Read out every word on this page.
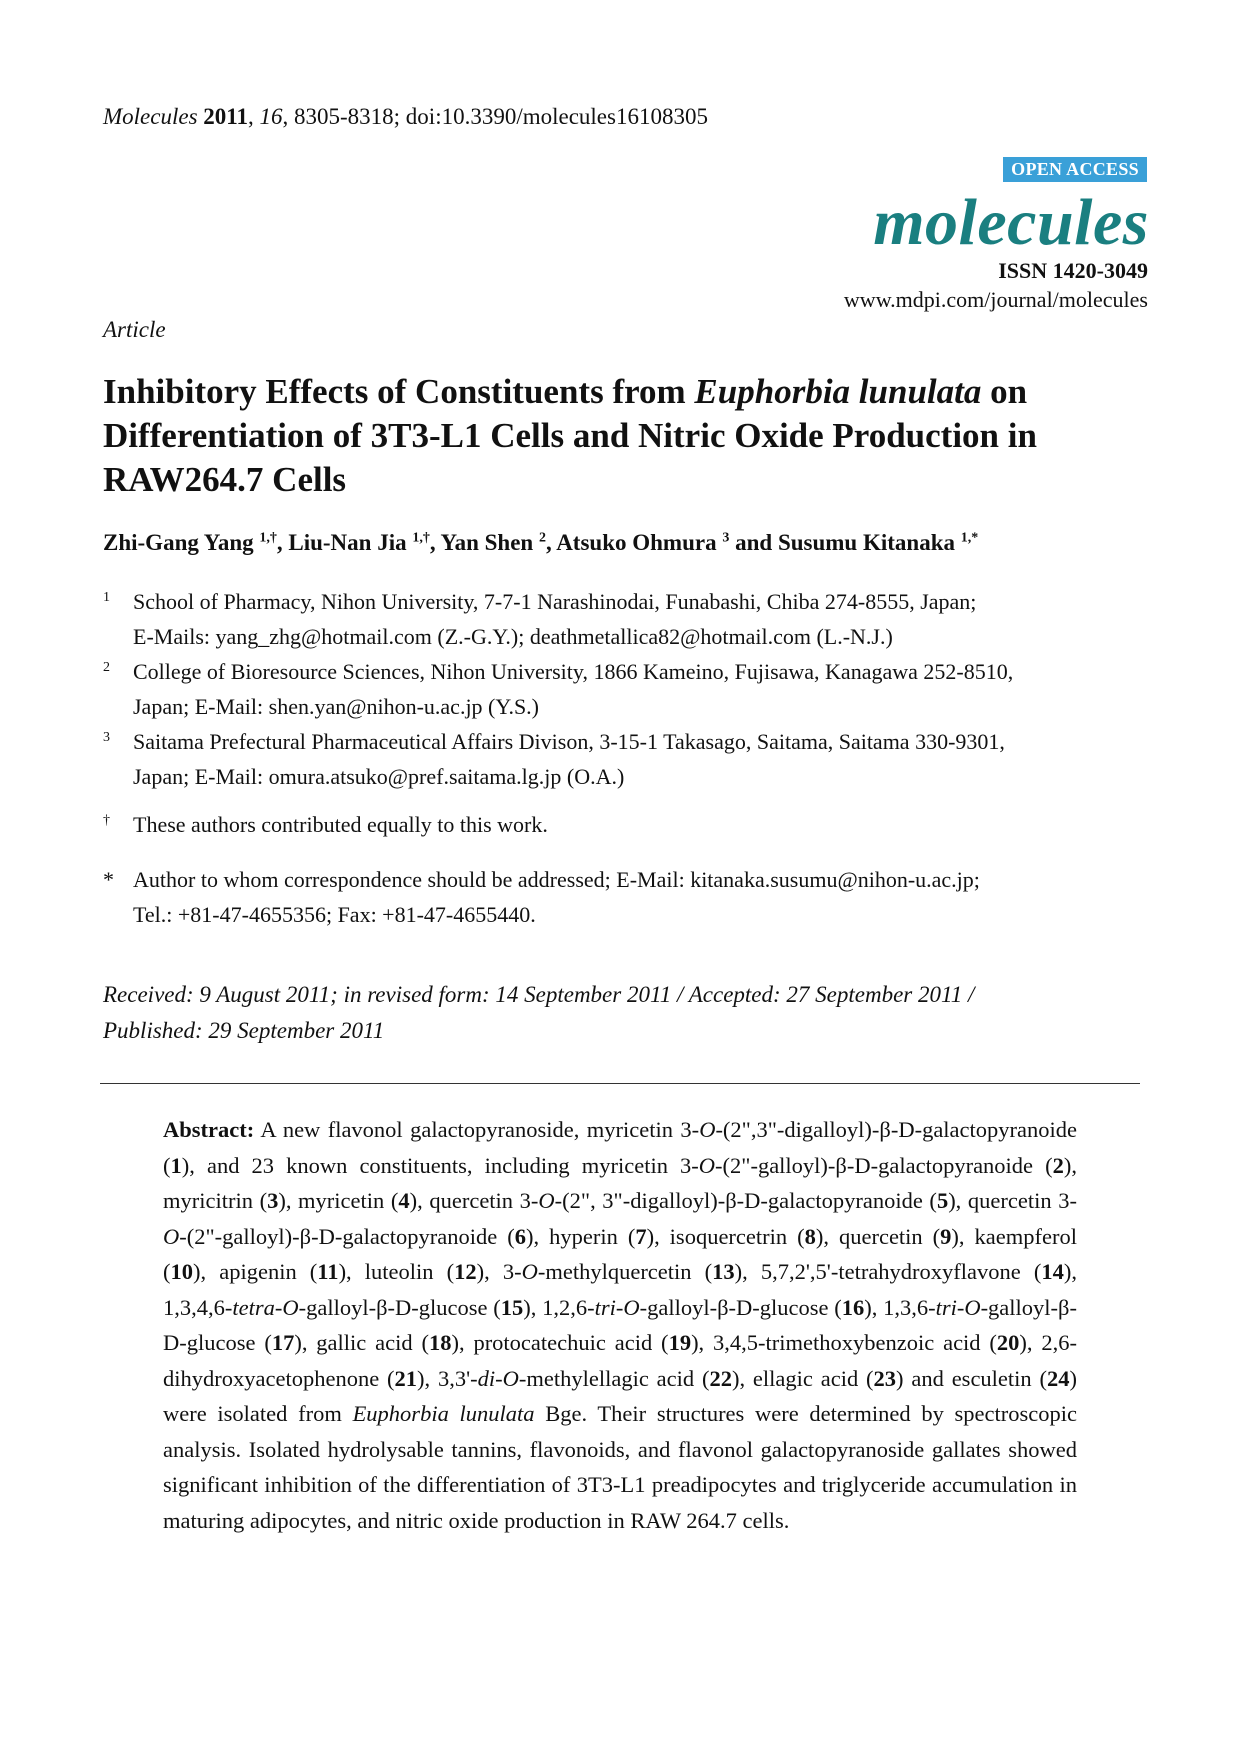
Molecules 2011, 16, 8305-8318; doi:10.3390/molecules16108305
OPEN ACCESS
molecules
ISSN 1420-3049
www.mdpi.com/journal/molecules
Article
Inhibitory Effects of Constituents from Euphorbia lunulata on Differentiation of 3T3-L1 Cells and Nitric Oxide Production in RAW264.7 Cells
Zhi-Gang Yang $^{1,\dagger}$, Liu-Nan Jia $^{1,\dagger}$, Yan Shen $^2$, Atsuko Ohmura $^3$ and Susumu Kitanaka $^{1,*}$
1 School of Pharmacy, Nihon University, 7-7-1 Narashinodai, Funabashi, Chiba 274-8555, Japan;
E-Mails: yang_zhg@hotmail.com (Z.-G.Y.); deathmetallica82@hotmail.com (L.-N.J.)
2 College of Bioresource Sciences, Nihon University, 1866 Kameino, Fujisawa, Kanagawa 252-8510,
Japan; E-Mail: shen.yan@nihon-u.ac.jp (Y.S.)
3 Saitama Prefectural Pharmaceutical Affairs Divison, 3-15-1 Takasago, Saitama, Saitama 330-9301,
Japan; E-Mail: omura.atsuko@pref.saitama.lg.jp (O.A.)
† These authors contributed equally to this work.
* Author to whom correspondence should be addressed; E-Mail: kitanaka.susumu@nihon-u.ac.jp;
Tel.: +81-47-4655356; Fax: +81-47-4655440.
Received: 9 August 2011; in revised form: 14 September 2011 / Accepted: 27 September 2011 /
Published: 29 September 2011
Abstract: A new flavonol galactopyranoside, myricetin 3-O-(2",3"-digalloyl)-β-D-galactopyranoide (1), and 23 known constituents, including myricetin 3-O-(2"-galloyl)-β-D-galactopyranoide (2), myricitrin (3), myricetin (4), quercetin 3-O-(2", 3"-digalloyl)-β-D-galactopyranoide (5), quercetin 3-O-(2"-galloyl)-β-D-galactopyranoide (6), hyperin (7), isoquercetrin (8), quercetin (9), kaempferol (10), apigenin (11), luteolin (12), 3-O-methylquercetin (13), 5,7,2',5'-tetrahydroxyflavone (14), 1,3,4,6-tetra-O-galloyl-β-D-glucose (15), 1,2,6-tri-O-galloyl-β-D-glucose (16), 1,3,6-tri-O-galloyl-β-D-glucose (17), gallic acid (18), protocatechuic acid (19), 3,4,5-trimethoxybenzoic acid (20), 2,6-dihydroxyacetophenone (21), 3,3'-di-O-methylellagic acid (22), ellagic acid (23) and esculetin (24) were isolated from Euphorbia lunulata Bge. Their structures were determined by spectroscopic analysis. Isolated hydrolysable tannins, flavonoids, and flavonol galactopyranoside gallates showed significant inhibition of the differentiation of 3T3-L1 preadipocytes and triglyceride accumulation in maturing adipocytes, and nitric oxide production in RAW 264.7 cells.
